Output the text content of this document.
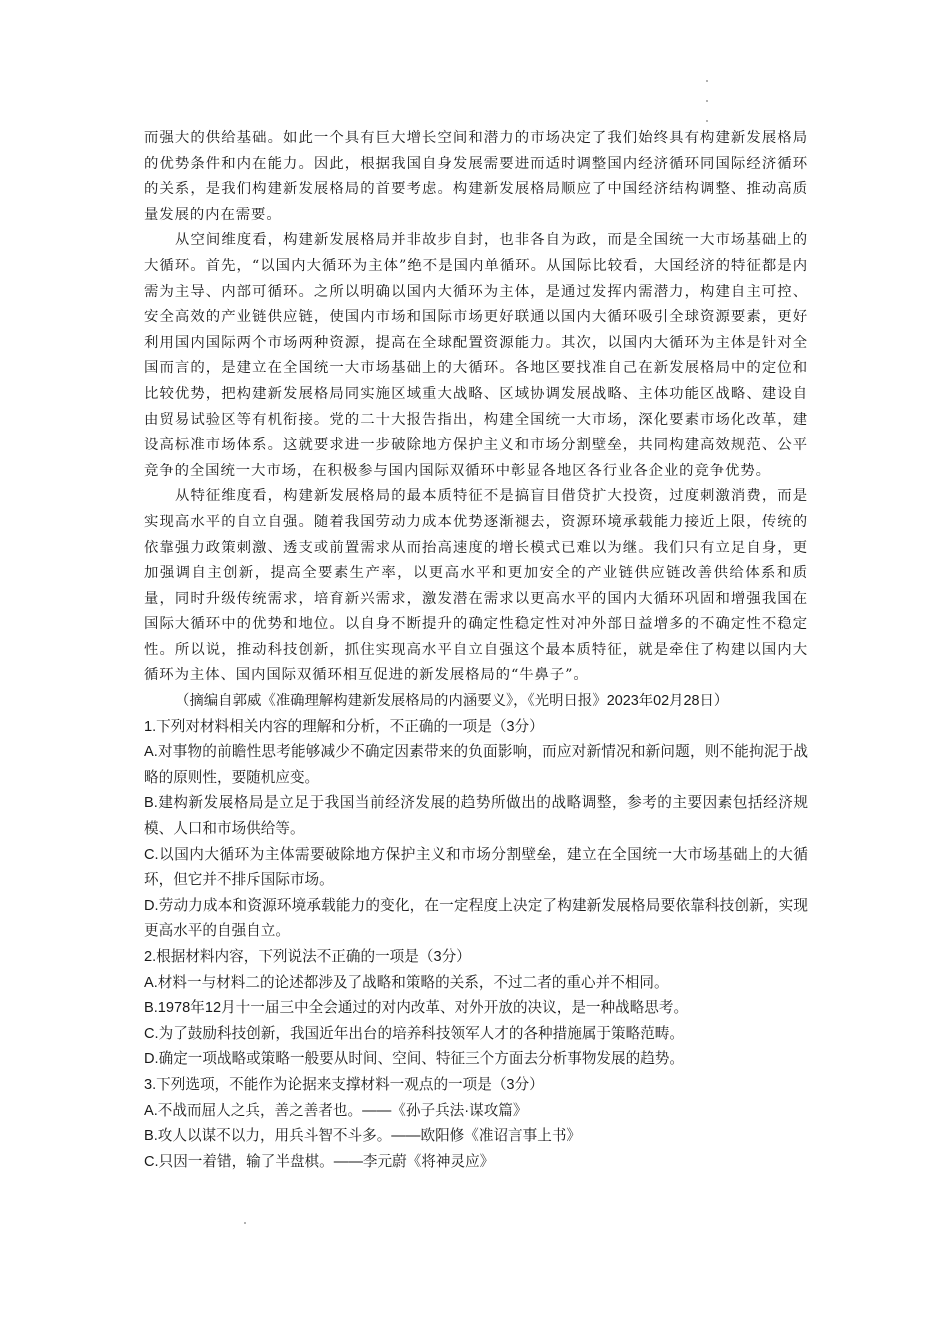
而强大的供给基础。如此一个具有巨大增长空间和潜力的市场决定了我们始终具有构建新发展格局的优势条件和内在能力。因此，根据我国自身发展需要进而适时调整国内经济循环同国际经济循环的关系，是我们构建新发展格局的首要考虑。构建新发展格局顺应了中国经济结构调整、推动高质量发展的内在需要。

从空间维度看，构建新发展格局并非故步自封，也非各自为政，而是全国统一大市场基础上的大循环。首先，“以国内大循环为主体”绝不是国内单循环。从国际比较看，大国经济的特征都是内需为主导、内部可循环。之所以明确以国内大循环为主体，是通过发挥内需潜力，构建自主可控、安全高效的产业链供应链，使国内市场和国际市场更好联通以国内大循环吸引全球资源要素，更好利用国内国际两个市场两种资源，提高在全球配置资源能力。其次，以国内大循环为主体是针对全国而言的，是建立在全国统一大市场基础上的大循环。各地区要找准自己在新发展格局中的定位和比较优势，把构建新发展格局同实施区域重大战略、区域协调发展战略、主体功能区战略、建设自由贸易试验区等有机衔接。党的二十大报告指出，构建全国统一大市场，深化要素市场化改革，建设高标准市场体系。这就要求进一步破除地方保护主义和市场分割壁垒，共同构建高效规范、公平竞争的全国统一大市场，在积极参与国内国际双循环中彰显各地区各行业各企业的竞争优势。

从特征维度看，构建新发展格局的最本质特征不是搞盲目借贷扩大投资，过度刺激消费，而是实现高水平的自立自强。随着我国劳动力成本优势逐渐褪去，资源环境承载能力接近上限，传统的依靠强力政策刺激、透支或前置需求从而抬高速度的增长模式已难以为继。我们只有立足自身，更加强调自主创新，提高全要素生产率，以更高水平和更加安全的产业链供应链改善供给体系和质量，同时升级传统需求，培育新兴需求，激发潜在需求以更高水平的国内大循环巩固和增强我国在国际大循环中的优势和地位。以自身不断提升的确定性稳定性对冲外部日益增多的不确定性不稳定性。所以说，推动科技创新，抓住实现高水平自立自强这个最本质特征，就是牵住了构建以国内大循环为主体、国内国际双循环相互促进的新发展格局的“牛鼻子”。

（摘编自郭威《准确理解构建新发展格局的内涵要义》，《光明日报》2023年02月28日）

1.下列对材料相关内容的理解和分析，不正确的一项是（3分）

A.对事物的前瞻性思考能够减少不确定因素带来的负面影响，而应对新情况和新问题，则不能拘泥于战略的原则性，要随机应变。

B.建构新发展格局是立足于我国当前经济发展的趋势所做出的战略调整，参考的主要因素包括经济规模、人口和市场供给等。

C.以国内大循环为主体需要破除地方保护主义和市场分割壁垒，建立在全国统一大市场基础上的大循环，但它并不排斥国际市场。

D.劳动力成本和资源环境承载能力的变化，在一定程度上决定了构建新发展格局要依靠科技创新，实现更高水平的自强自立。

2.根据材料内容，下列说法不正确的一项是（3分）

A.材料一与材料二的论述都涉及了战略和策略的关系，不过二者的重心并不相同。

B.1978年12月十一届三中全会通过的对内改革、对外开放的决议，是一种战略思考。

C.为了鼓励科技创新，我国近年出台的培养科技领军人才的各种措施属于策略范畴。

D.确定一项战略或策略一般要从时间、空间、特征三个方面去分析事物发展的趋势。

3.下列选项，不能作为论据来支撑材料一观点的一项是（3分）

A.不战而屈人之兵，善之善者也。——《孙子兵法·谋攻篇》

B.攻人以谋不以力，用兵斗智不斗多。——欧阳修《准诏言事上书》

C.只因一着错，输了半盘棋。——李元蔚《将神灵应》
